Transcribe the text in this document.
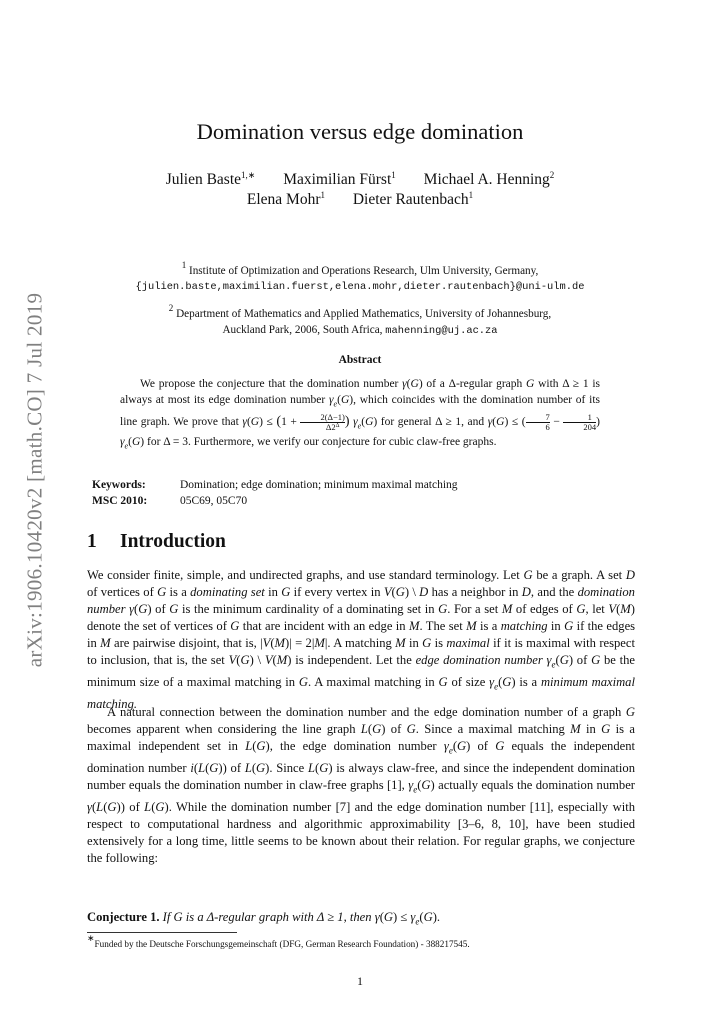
arXiv:1906.10420v2 [math.CO] 7 Jul 2019
Domination versus edge domination
Julien Baste$^{1,∗}$ Maximilian Fürst$^1$ Michael A. Henning$^2$
Elena Mohr$^1$ Dieter Rautenbach$^1$
$^1$ Institute of Optimization and Operations Research, Ulm University, Germany,
{julien.baste,maximilian.fuerst,elena.mohr,dieter.rautenbach}@uni-ulm.de
$^2$ Department of Mathematics and Applied Mathematics, University of Johannesburg,
Auckland Park, 2006, South Africa, mahenning@uj.ac.za
Abstract
We propose the conjecture that the domination number γ(G) of a Δ-regular graph G with Δ ≥ 1 is always at most its edge domination number $\gamma_e(G)$, which coincides with the domination number of its line graph. We prove that $\gamma(G) \le (1 + \frac{2(\Delta-1)}{\Delta 2^\Delta}$ ) $\gamma_e(G)$ for general Δ ≥ 1, and γ(G) ≤ ( $\frac{7}{6} - \frac{1}{204}$ ) $\gamma_e(G)$ for Δ = 3. Furthermore, we verify our conjecture for cubic claw-free graphs.
Keywords:	Domination; edge domination; minimum maximal matching
MSC 2010:	05C69, 05C70
1 Introduction
We consider finite, simple, and undirected graphs, and use standard terminology. Let G be a graph. A set D of vertices of G is a dominating set in G if every vertex in V(G) \ D has a neighbor in D, and the domination number γ(G) of G is the minimum cardinality of a dominating set in G. For a set M of edges of G, let V(M) denote the set of vertices of G that are incident with an edge in M. The set M is a matching in G if the edges in M are pairwise disjoint, that is, |V(M)| = 2|M|. A matching M in G is maximal if it is maximal with respect to inclusion, that is, the set V(G) \ V(M) is independent. Let the edge domination number $\gamma_e(G)$ of G be the minimum size of a maximal matching in G. A maximal matching in G of size $\gamma_e(G)$ is a minimum maximal matching.
A natural connection between the domination number and the edge domination number of a graph G becomes apparent when considering the line graph L(G) of G. Since a maximal matching M in G is a maximal independent set in L(G), the edge domination number $\gamma_e(G)$ of G equals the independent domination number i(L(G)) of L(G). Since L(G) is always claw-free, and since the independent domination number equals the domination number in claw-free graphs [1], $\gamma_e(G)$ actually equals the domination number γ(L(G)) of L(G). While the domination number [7] and the edge domination number [11], especially with respect to computational hardness and algorithmic approximability [3–6, 8, 10], have been studied extensively for a long time, little seems to be known about their relation. For regular graphs, we conjecture the following:
Conjecture 1. If G is a Δ-regular graph with Δ ≥ 1, then $\gamma(G) \le \gamma_e(G)$.
∗Funded by the Deutsche Forschungsgemeinschaft (DFG, German Research Foundation) - 388217545.
1
